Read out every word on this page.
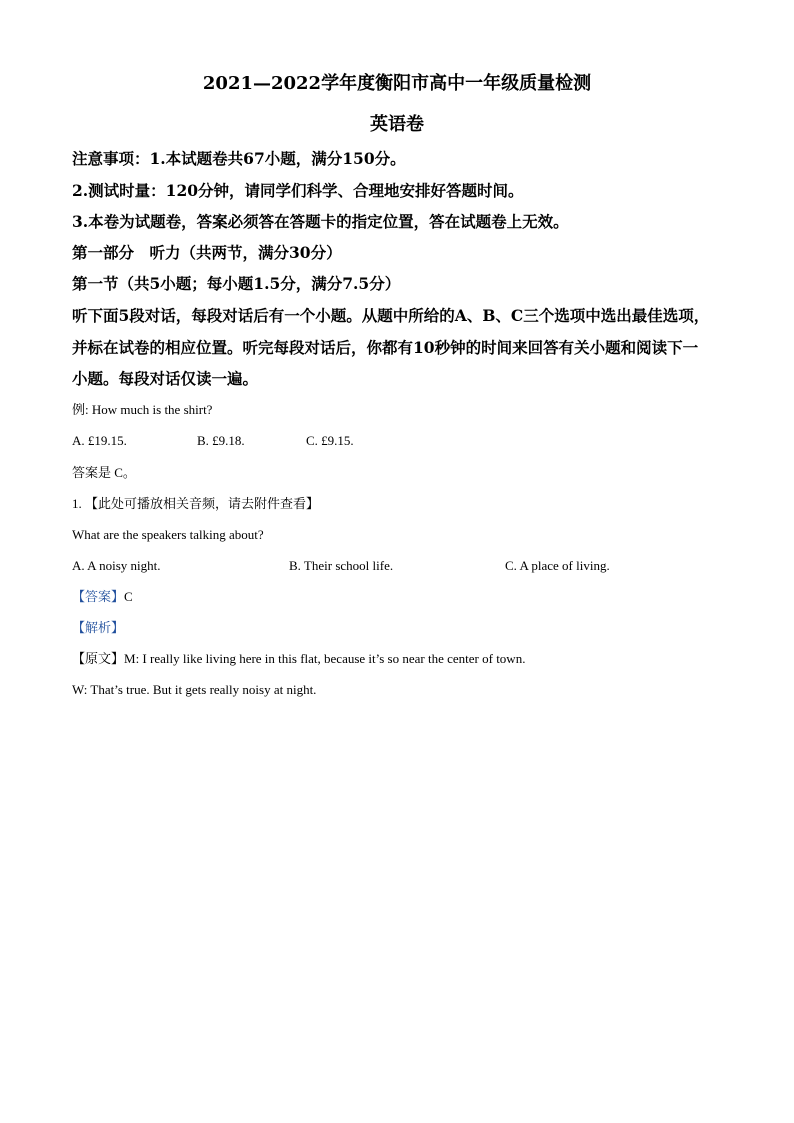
2021—2022学年度衡阳市高中一年级质量检测
英语卷
注意事项：1.本试题卷共67小题，满分150分。
2.测试时量：120分钟，请同学们科学、合理地安排好答题时间。
3.本卷为试题卷，答案必须答在答题卡的指定位置，答在试题卷上无效。
第一部分　听力（共两节，满分30分）
第一节（共5小题；每小题1.5分，满分7.5分）
听下面5段对话，每段对话后有一个小题。从题中所给的A、B、C三个选项中选出最佳选项，
并标在试卷的相应位置。听完每段对话后，你都有10秒钟的时间来回答有关小题和阅读下一
小题。每段对话仅读一遍。
例: How much is the shirt?
A. £19.15.	B. £9.18.	C. £9.15.
答案是 C。
1. 【此处可播放相关音频，请去附件查看】
What are the speakers talking about?
A. A noisy night.	B. Their school life.	C. A place of living.
【答案】C
【解析】
【原文】M: I really like living here in this flat, because it’s so near the center of town.
W: That’s true. But it gets really noisy at night.
